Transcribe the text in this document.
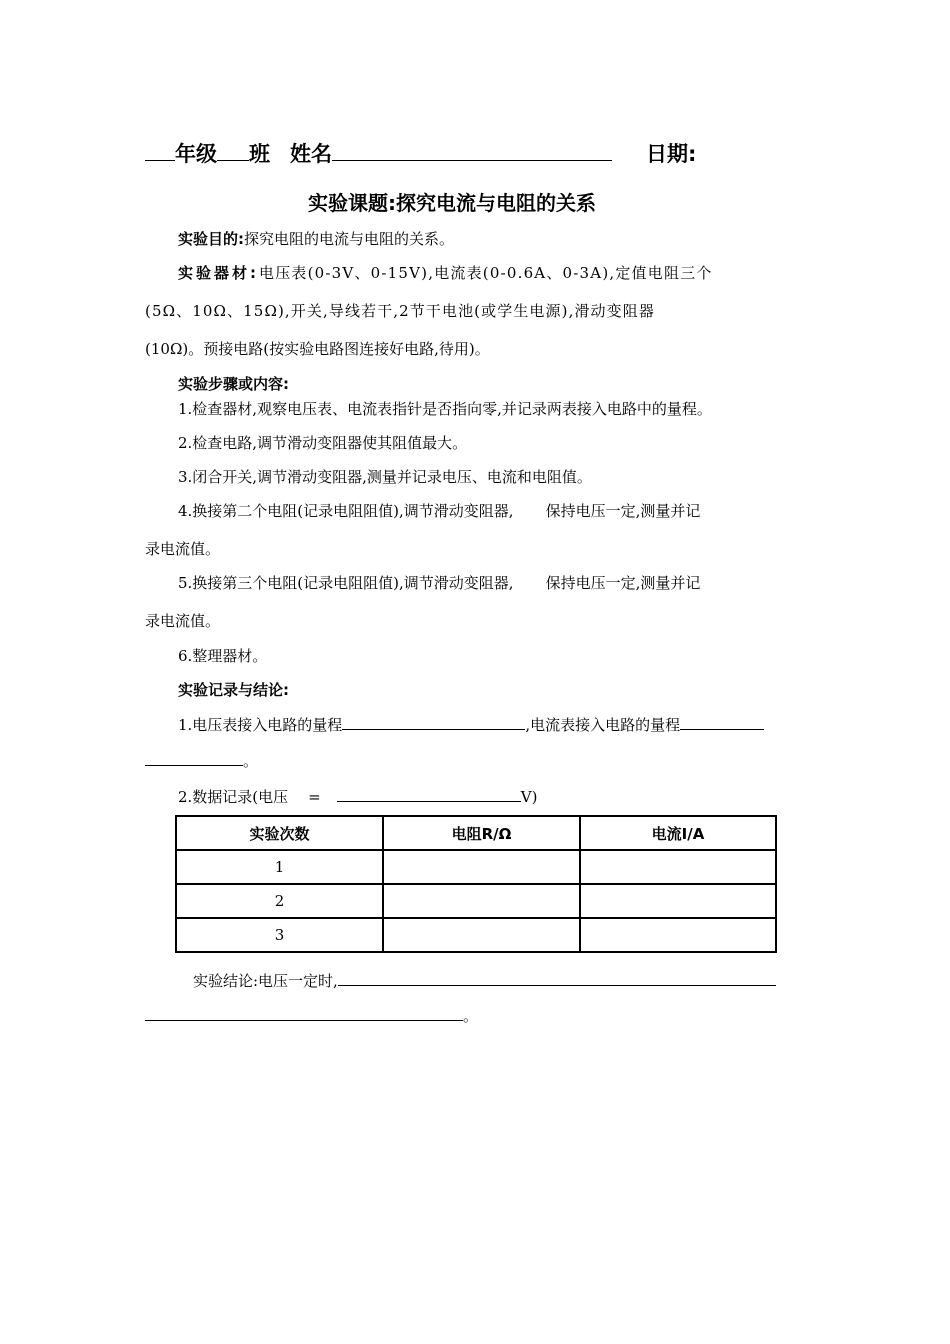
年级 班 姓名	日期:
实验课题:探究电流与电阻的关系
实验目的:探究电阻的电流与电阻的关系。
实验器材:电压表(0-3V、0-15V),电流表(0-0.6A、0-3A),定值电阻三个
(5Ω、10Ω、15Ω),开关,导线若干,2节干电池(或学生电源),滑动变阻器
(10Ω)。预接电路(按实验电路图连接好电路,待用)。
实验步骤或内容:
1.检查器材,观察电压表、电流表指针是否指向零,并记录两表接入电路中的量程。
2.检查电路,调节滑动变阻器使其阻值最大。
3.闭合开关,调节滑动变阻器,测量并记录电压、电流和电阻值。
4.换接第二个电阻(记录电阻阻值),调节滑动变阻器, 保持电压一定,测量并记
录电流值。
5.换接第三个电阻(记录电阻阻值),调节滑动变阻器, 保持电压一定,测量并记
录电流值。
6.整理器材。
实验记录与结论:
1.电压表接入电路的量程	,电流表接入电路的量程
。
2.数据记录(电压 =	V)
实验次数	电阻R/Ω	电流I/A
1		
2		
3		
实验结论:电压一定时,
。
